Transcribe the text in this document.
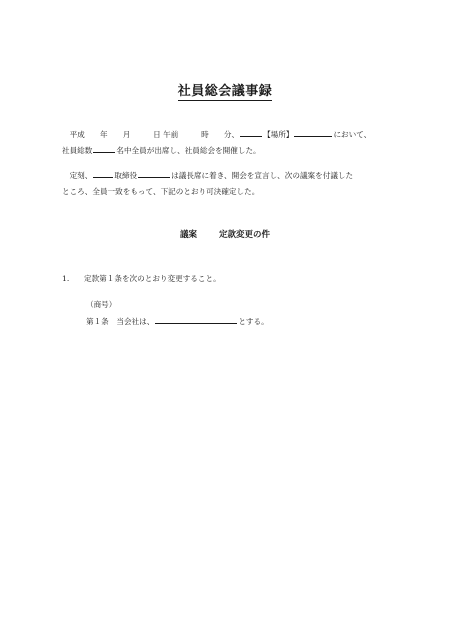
社員総会議事録
　平成　　年　　月　　　日 午前　　　時　　分、	【場所】	において、
社員総数	名中全員が出席し、社員総会を開催した。
　定刻、	取締役	は議長席に着き、開会を宣言し、次の議案を付議した
ところ、全員一致をもって、下記のとおり可決確定した。
議案	定款変更の件
1. 定款第１条を次のとおり変更すること。
（商号）
第１条　当会社は、	とする。
